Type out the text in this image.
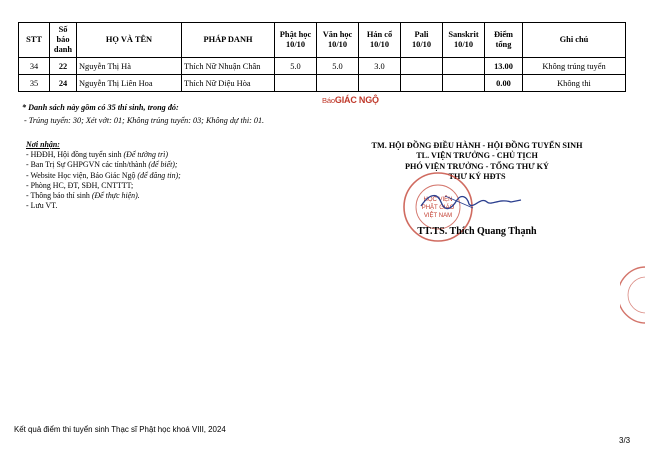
STT	Số
báo
danh	HỌ VÀ TÊN	PHÁP DANH	Phật học
10/10	Văn học
10/10	Hán cổ
10/10	Pali
10/10	Sanskrit
10/10	Điểm
tổng	Ghi chú
34	22	Nguyễn Thị Hà	Thích Nữ Nhuận Chân	5.0	5.0	3.0			13.00	Không trúng tuyển
35	24	Nguyễn Thị Liên Hoa	Thích Nữ Diệu Hòa						0.00	Không thi
* Danh sách này gồm có 35 thí sinh, trong đó:
- Trúng tuyển: 30; Xét vớt: 01; Không trúng tuyển: 03; Không dự thi: 01.
BáoGIÁC NGỘ
Nơi nhận:
- HĐĐH, Hội đồng tuyển sinh (Để tường trì)
- Ban Trị Sự GHPGVN các tỉnh/thành (để biết);
- Website Học viện, Báo Giác Ngộ (để đăng tin);
- Phòng HC, ĐT, SĐH, CNTTTT;
- Thông báo thí sinh (Để thực hiện).
- Lưu VT.
TM. HỘI ĐỒNG ĐIỀU HÀNH - HỘI ĐỒNG TUYỂN SINH
TL. VIỆN TRƯỞNG - CHỦ TỊCH
PHÓ VIỆN TRƯỞNG - TỔNG THƯ KÝ
THƯ KÝ HĐTS
HỌC VIỆN
PHẬT GIÁO
VIỆT NAM
TT.TS. Thích Quang Thạnh
Kết quả điểm thi tuyển sinh Thạc sĩ Phật học khoá VIII, 2024
3/3
